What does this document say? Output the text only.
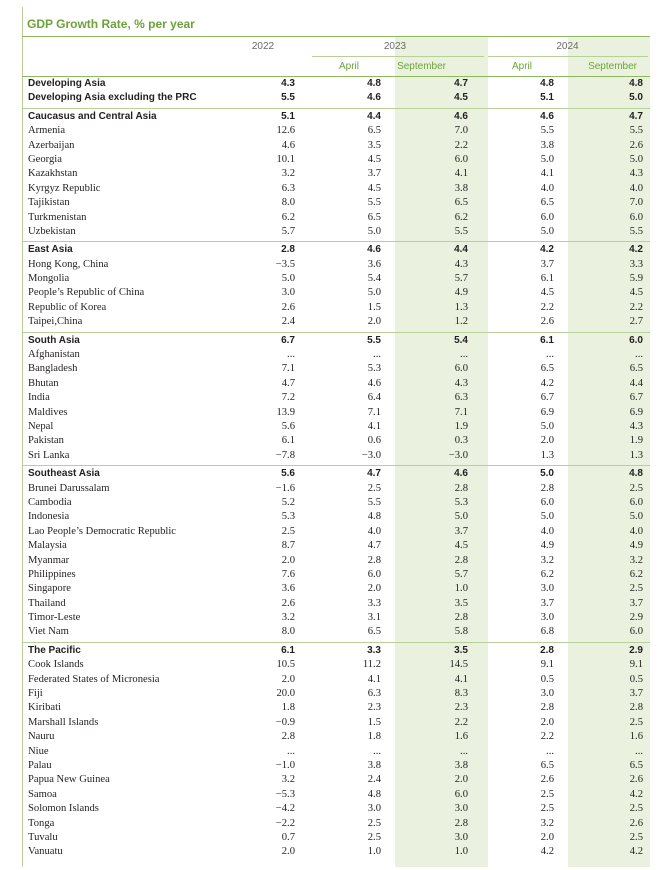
GDP Growth Rate, % per year
2022	2023	2024
April	September	April	September
Developing Asia	4.3	4.8	4.7	4.8	4.8
Developing Asia excluding the PRC	5.5	4.6	4.5	5.1	5.0
Caucasus and Central Asia	5.1	4.4	4.6	4.6	4.7
Armenia	12.6	6.5	7.0	5.5	5.5
Azerbaijan	4.6	3.5	2.2	3.8	2.6
Georgia	10.1	4.5	6.0	5.0	5.0
Kazakhstan	3.2	3.7	4.1	4.1	4.3
Kyrgyz Republic	6.3	4.5	3.8	4.0	4.0
Tajikistan	8.0	5.5	6.5	6.5	7.0
Turkmenistan	6.2	6.5	6.2	6.0	6.0
Uzbekistan	5.7	5.0	5.5	5.0	5.5
East Asia	2.8	4.6	4.4	4.2	4.2
Hong Kong, China	−3.5	3.6	4.3	3.7	3.3
Mongolia	5.0	5.4	5.7	6.1	5.9
People’s Republic of China	3.0	5.0	4.9	4.5	4.5
Republic of Korea	2.6	1.5	1.3	2.2	2.2
Taipei,China	2.4	2.0	1.2	2.6	2.7
South Asia	6.7	5.5	5.4	6.1	6.0
Afghanistan	...	...	...	...	...
Bangladesh	7.1	5.3	6.0	6.5	6.5
Bhutan	4.7	4.6	4.3	4.2	4.4
India	7.2	6.4	6.3	6.7	6.7
Maldives	13.9	7.1	7.1	6.9	6.9
Nepal	5.6	4.1	1.9	5.0	4.3
Pakistan	6.1	0.6	0.3	2.0	1.9
Sri Lanka	−7.8	−3.0	−3.0	1.3	1.3
Southeast Asia	5.6	4.7	4.6	5.0	4.8
Brunei Darussalam	−1.6	2.5	2.8	2.8	2.5
Cambodia	5.2	5.5	5.3	6.0	6.0
Indonesia	5.3	4.8	5.0	5.0	5.0
Lao People’s Democratic Republic	2.5	4.0	3.7	4.0	4.0
Malaysia	8.7	4.7	4.5	4.9	4.9
Myanmar	2.0	2.8	2.8	3.2	3.2
Philippines	7.6	6.0	5.7	6.2	6.2
Singapore	3.6	2.0	1.0	3.0	2.5
Thailand	2.6	3.3	3.5	3.7	3.7
Timor-Leste	3.2	3.1	2.8	3.0	2.9
Viet Nam	8.0	6.5	5.8	6.8	6.0
The Pacific	6.1	3.3	3.5	2.8	2.9
Cook Islands	10.5	11.2	14.5	9.1	9.1
Federated States of Micronesia	2.0	4.1	4.1	0.5	0.5
Fiji	20.0	6.3	8.3	3.0	3.7
Kiribati	1.8	2.3	2.3	2.8	2.8
Marshall Islands	−0.9	1.5	2.2	2.0	2.5
Nauru	2.8	1.8	1.6	2.2	1.6
Niue	...	...	...	...	...
Palau	−1.0	3.8	3.8	6.5	6.5
Papua New Guinea	3.2	2.4	2.0	2.6	2.6
Samoa	−5.3	4.8	6.0	2.5	4.2
Solomon Islands	−4.2	3.0	3.0	2.5	2.5
Tonga	−2.2	2.5	2.8	3.2	2.6
Tuvalu	0.7	2.5	3.0	2.0	2.5
Vanuatu	2.0	1.0	1.0	4.2	4.2
